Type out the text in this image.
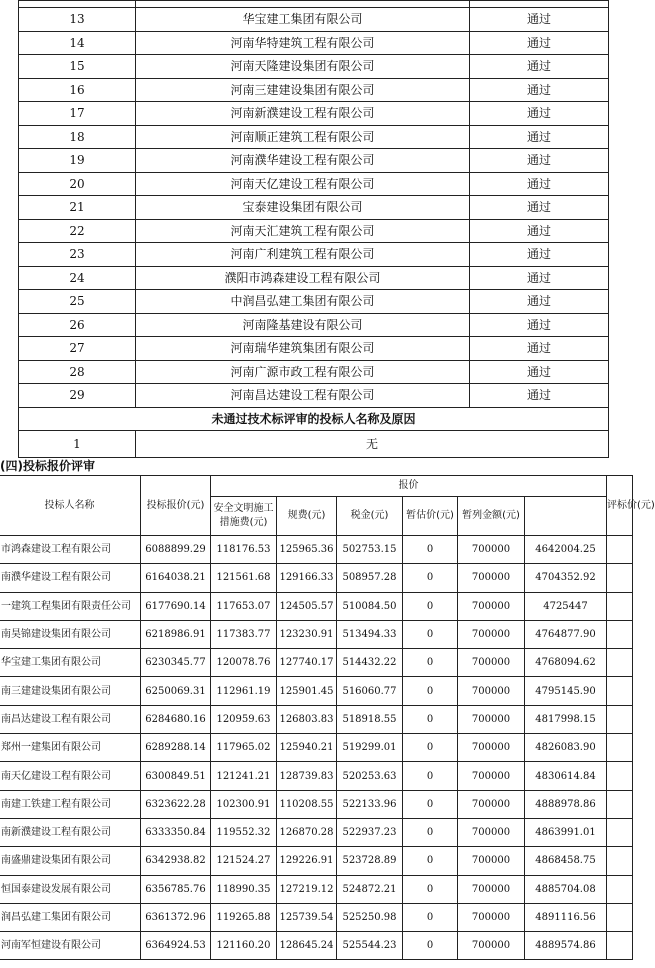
13	华宝建工集团有限公司	通过
14	河南华特建筑工程有限公司	通过
15	河南天隆建设集团有限公司	通过
16	河南三建建设集团有限公司	通过
17	河南新濮建设工程有限公司	通过
18	河南顺正建筑工程有限公司	通过
19	河南濮华建设工程有限公司	通过
20	河南天亿建设工程有限公司	通过
21	宝泰建设集团有限公司	通过
22	河南天汇建筑工程有限公司	通过
23	河南广利建筑工程有限公司	通过
24	濮阳市鸿森建设工程有限公司	通过
25	中润昌弘建工集团有限公司	通过
26	河南隆基建设有限公司	通过
27	河南瑞华建筑集团有限公司	通过
28	河南广源市政工程有限公司	通过
29	河南昌达建设工程有限公司	通过
未通过技术标评审的投标人名称及原因		
1	无	
(四)投标报价评审
投标人名称	投标报价(元)	报价						评标价(元)	
		安全文明施工措施费(元)	规费(元)	税金(元)	暂估价(元)	暂列金额(元)			
市鸿森建设工程有限公司	6088899.29	118176.53	125965.36	502753.15	0	700000	4642004.25		
南濮华建设工程有限公司	6164038.21	121561.68	129166.33	508957.28	0	700000	4704352.92		
一建筑工程集团有限责任公司	6177690.14	117653.07	124505.57	510084.50	0	700000	4725447		
南昊锦建设集团有限公司	6218986.91	117383.77	123230.91	513494.33	0	700000	4764877.90		
华宝建工集团有限公司	6230345.77	120078.76	127740.17	514432.22	0	700000	4768094.62		
南三建建设集团有限公司	6250069.31	112961.19	125901.45	516060.77	0	700000	4795145.90		
南昌达建设工程有限公司	6284680.16	120959.63	126803.83	518918.55	0	700000	4817998.15		
郑州一建集团有限公司	6289288.14	117965.02	125940.21	519299.01	0	700000	4826083.90		
南天亿建设工程有限公司	6300849.51	121241.21	128739.83	520253.63	0	700000	4830614.84		
南建工铁建工程有限公司	6323622.28	102300.91	110208.55	522133.96	0	700000	4888978.86		
南新濮建设工程有限公司	6333350.84	119552.32	126870.28	522937.23	0	700000	4863991.01		
南盛鼎建设集团有限公司	6342938.82	121524.27	129226.91	523728.89	0	700000	4868458.75		
恒国泰建设发展有限公司	6356785.76	118990.35	127219.12	524872.21	0	700000	4885704.08		
润昌弘建工集团有限公司	6361372.96	119265.88	125739.54	525250.98	0	700000	4891116.56		
河南军恒建设有限公司	6364924.53	121160.20	128645.24	525544.23	0	700000	4889574.86		
